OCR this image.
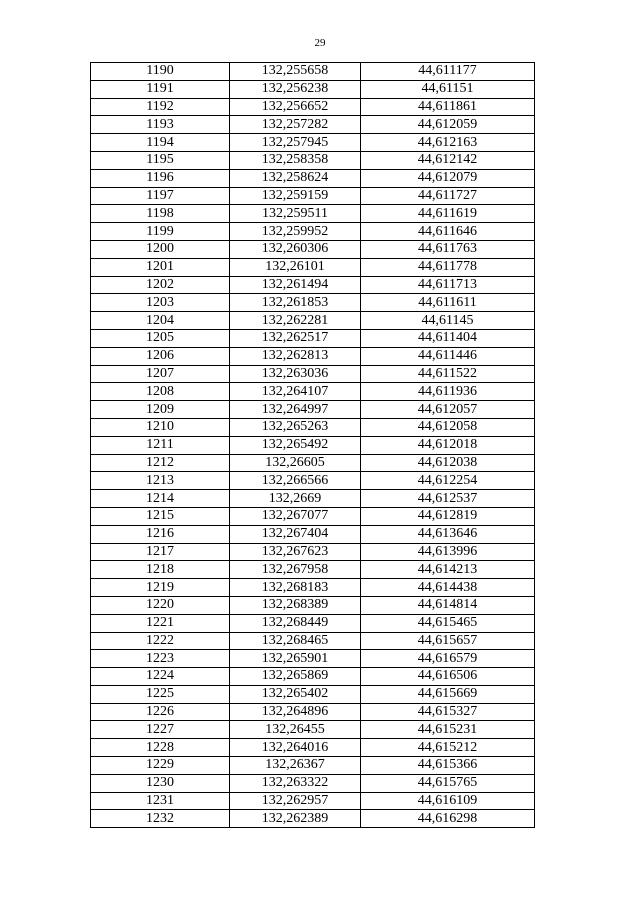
29
1190	132,255658	44,611177
1191	132,256238	44,61151
1192	132,256652	44,611861
1193	132,257282	44,612059
1194	132,257945	44,612163
1195	132,258358	44,612142
1196	132,258624	44,612079
1197	132,259159	44,611727
1198	132,259511	44,611619
1199	132,259952	44,611646
1200	132,260306	44,611763
1201	132,26101	44,611778
1202	132,261494	44,611713
1203	132,261853	44,611611
1204	132,262281	44,61145
1205	132,262517	44,611404
1206	132,262813	44,611446
1207	132,263036	44,611522
1208	132,264107	44,611936
1209	132,264997	44,612057
1210	132,265263	44,612058
1211	132,265492	44,612018
1212	132,26605	44,612038
1213	132,266566	44,612254
1214	132,2669	44,612537
1215	132,267077	44,612819
1216	132,267404	44,613646
1217	132,267623	44,613996
1218	132,267958	44,614213
1219	132,268183	44,614438
1220	132,268389	44,614814
1221	132,268449	44,615465
1222	132,268465	44,615657
1223	132,265901	44,616579
1224	132,265869	44,616506
1225	132,265402	44,615669
1226	132,264896	44,615327
1227	132,26455	44,615231
1228	132,264016	44,615212
1229	132,26367	44,615366
1230	132,263322	44,615765
1231	132,262957	44,616109
1232	132,262389	44,616298
